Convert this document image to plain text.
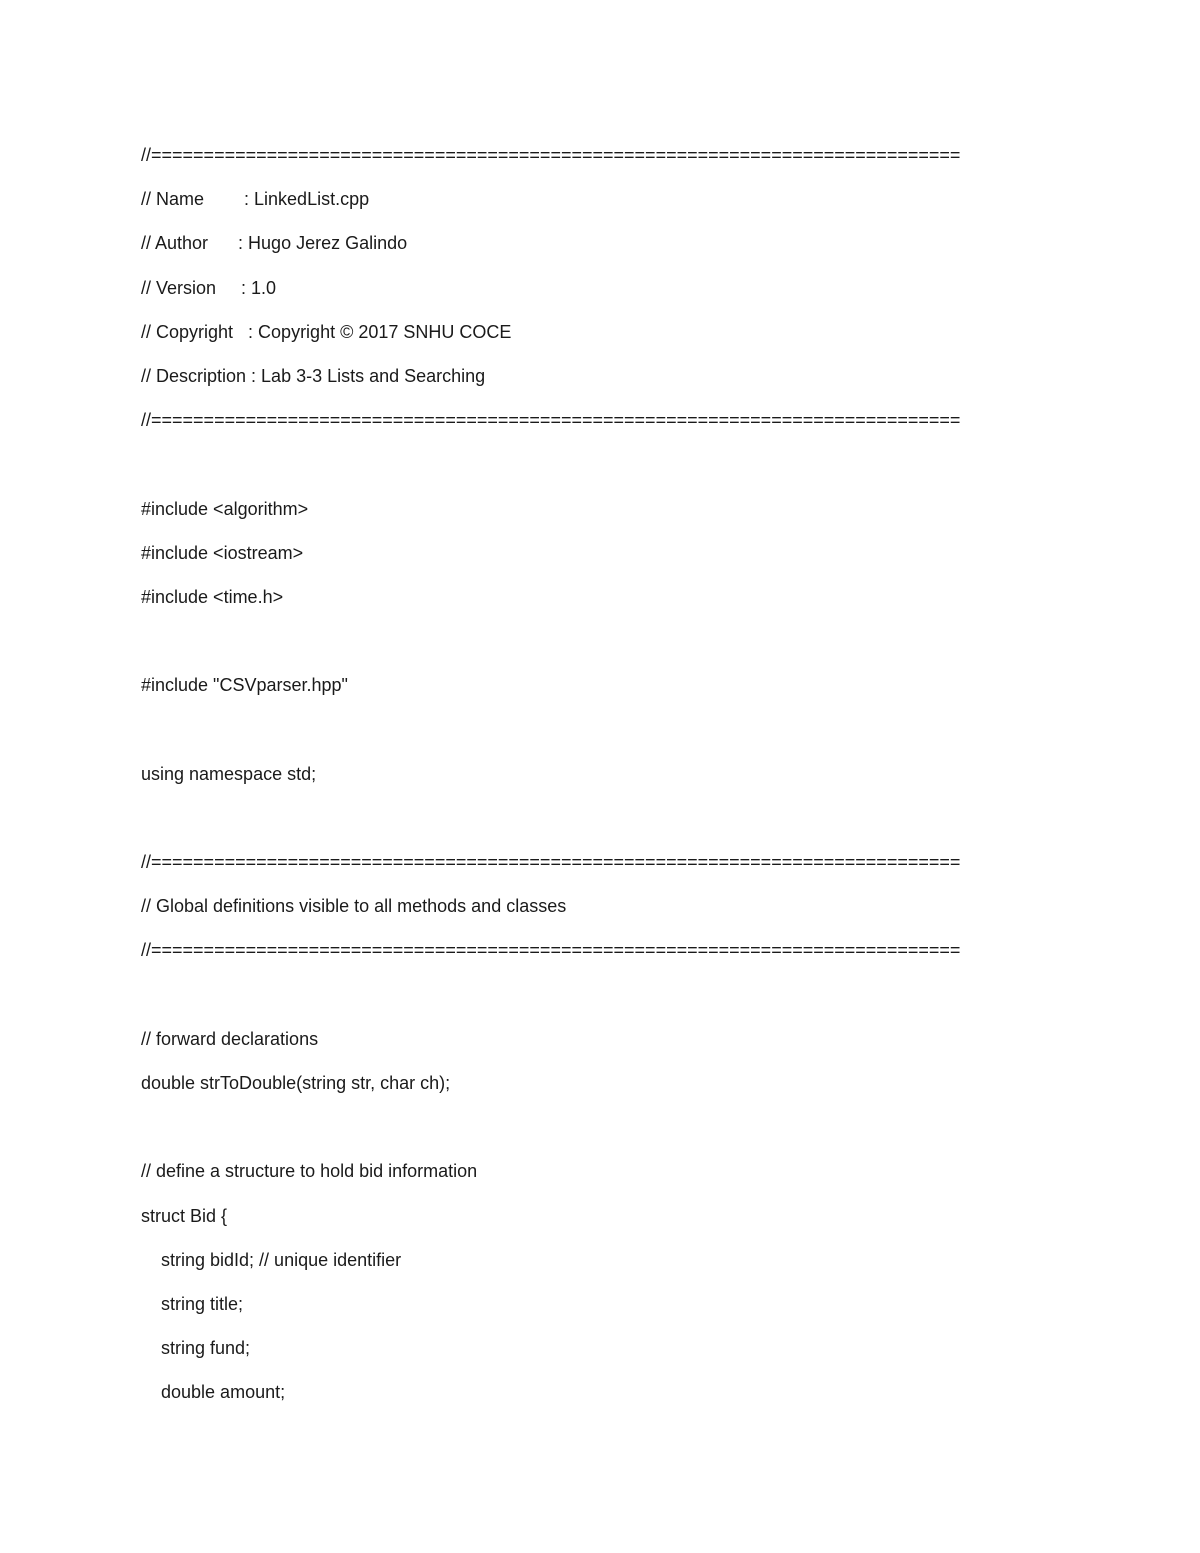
//=============================================================================
// Name        : LinkedList.cpp
// Author      : Hugo Jerez Galindo
// Version     : 1.0
// Copyright   : Copyright © 2017 SNHU COCE
// Description : Lab 3-3 Lists and Searching
//=============================================================================
#include <algorithm>
#include <iostream>
#include <time.h>
#include "CSVparser.hpp"
using namespace std;
//=============================================================================
// Global definitions visible to all methods and classes
//=============================================================================
// forward declarations
double strToDouble(string str, char ch);
// define a structure to hold bid information
struct Bid {
string bidId; // unique identifier
string title;
string fund;
double amount;
